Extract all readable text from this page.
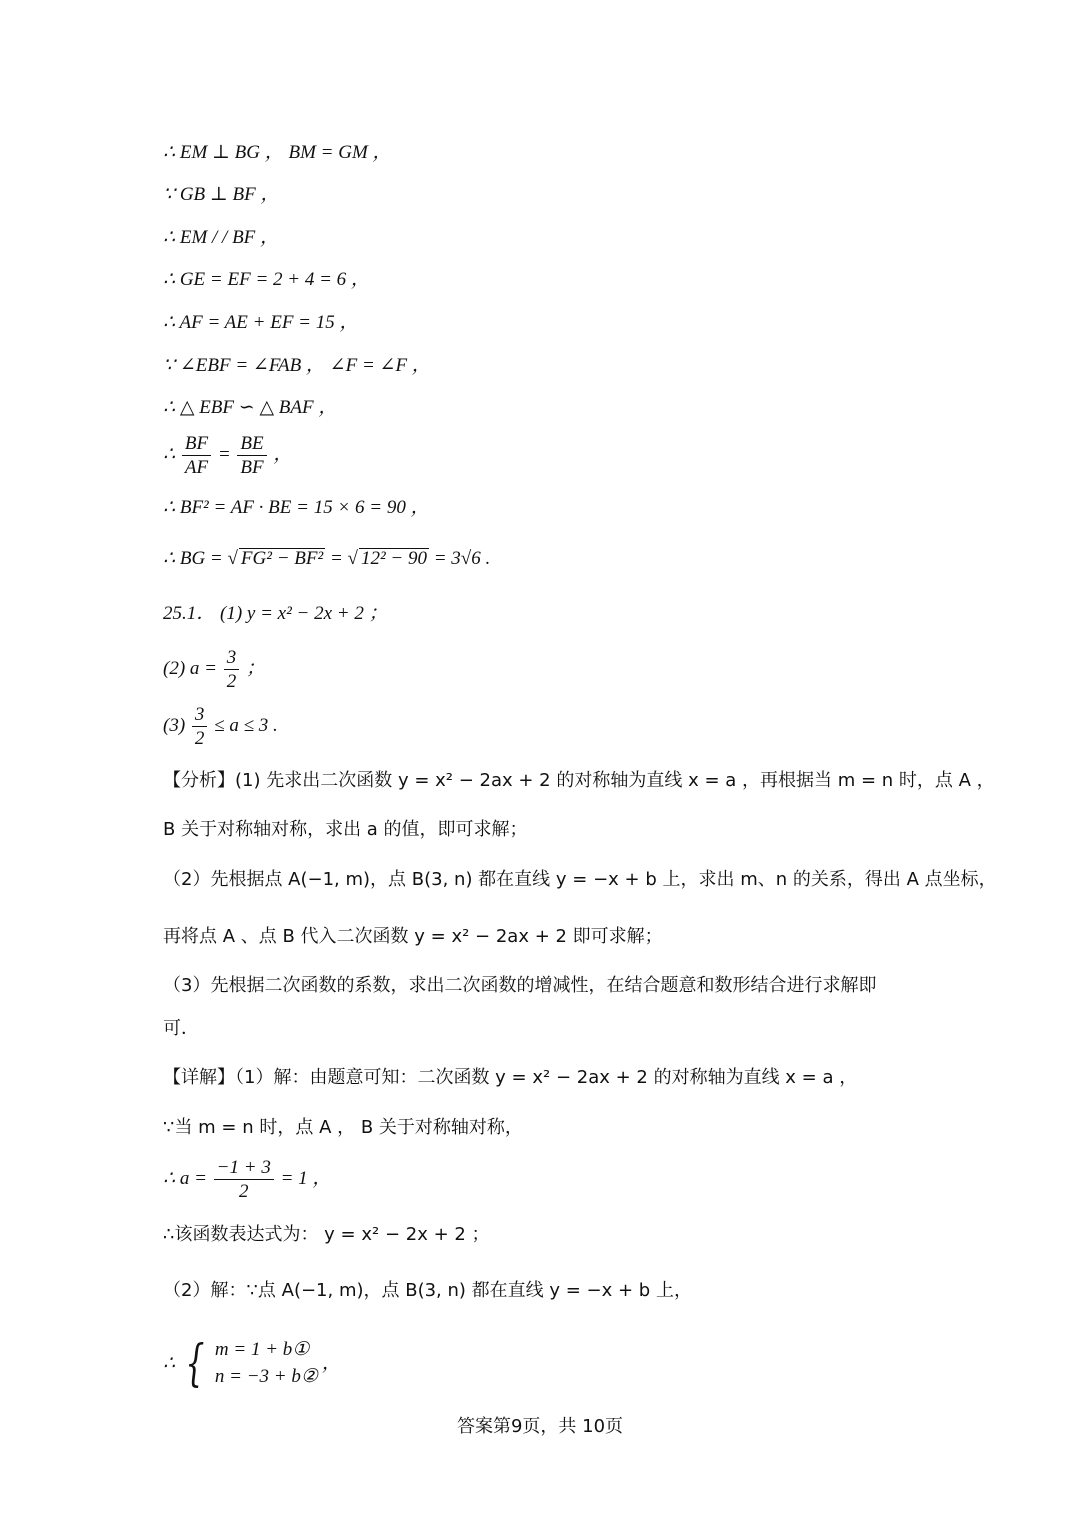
∴ EM ⊥ BG ， BM = GM ，
∵ GB ⊥ BF ，
∴ EM / / BF ，
∴ GE = EF = 2 + 4 = 6 ，
∴ AF = AE + EF = 15 ，
∵ ∠EBF = ∠FAB ， ∠F = ∠F ，
∴ △ EBF ∽ △ BAF ，
∴ $\frac{BF}{AF} = \frac{BE}{BF}$ ，
∴ BF² = AF · BE = 15 × 6 = 90 ，
∴ BG = √ FG² − BF² = √ 12² − 90 = 3√6 .
25.1． (1) y = x² − 2x + 2 ；
(2) $a = \frac{3}{2}$ ；
$(3) \frac{3}{2} \le a \le 3$ .
【分析】(1) 先求出二次函数 y = x² − 2ax + 2 的对称轴为直线 x = a ，再根据当 m = n 时，点 A ，
B 关于对称轴对称，求出 a 的值，即可求解；
（2）先根据点 A(−1, m)，点 B(3, n) 都在直线 y = −x + b 上，求出 m、n 的关系，得出 A 点坐标，
再将点 A 、点 B 代入二次函数 y = x² − 2ax + 2 即可求解；
（3）先根据二次函数的系数，求出二次函数的增减性，在结合题意和数形结合进行求解即
可．
【详解】（1）解：由题意可知：二次函数 y = x² − 2ax + 2 的对称轴为直线 x = a ，
∵当 m = n 时，点 A ， B 关于对称轴对称，
∴ $a = \frac{-1 + 3}{2} = 1$ ，
∴该函数表达式为： y = x² − 2x + 2 ；
（2）解：∵点 A(−1, m)，点 B(3, n) 都在直线 y = −x + b 上，
∴ { m = 1 + b①
n = −3 + b②
，
答案第9页，共 10页
